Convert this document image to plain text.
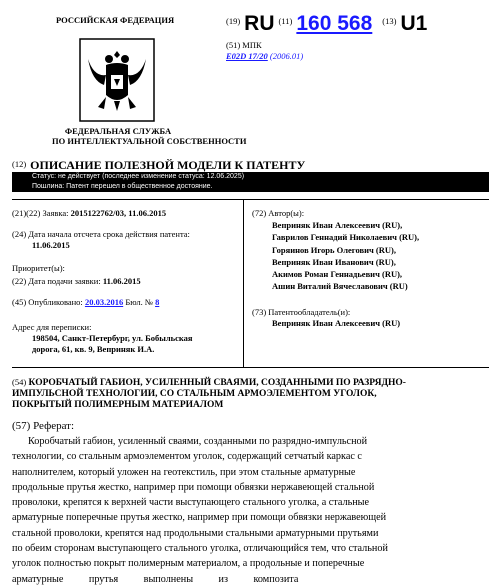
РОССИЙСКАЯ ФЕДЕРАЦИЯ
ФЕДЕРАЛЬНАЯ СЛУЖБА
ПО ИНТЕЛЛЕКТУАЛЬНОЙ СОБСТВЕННОСТИ
$^{(19)}$ RU $^{(11)}$ 160 568 $^{(13)}$ U1
(51) МПК
E02D 17/20 (2006.01)
(12) ОПИСАНИЕ ПОЛЕЗНОЙ МОДЕЛИ К ПАТЕНТУ
Статус: не действует (последнее изменение статуса: 12.06.2025)
Пошлина: Патент перешел в общественное достояние.
(21)(22) Заявка: 2015122762/03, 11.06.2015
(24) Дата начала отсчета срока действия патента:
11.06.2015
Приоритет(ы):
(22) Дата подачи заявки: 11.06.2015
(45) Опубликовано: 20.03.2016 Бюл. № 8
Адрес для переписки:
198504, Санкт-Петербург, ул. Бобыльская
дорога, 61, кв. 9, Веприняк И.А.
(72) Автор(ы):
Веприняк Иван Алексеевич (RU),
Гаврилов Геннадий Николаевич (RU),
Горяинов Игорь Олегович (RU),
Веприняк Иван Иванович (RU),
Акимов Роман Геннадьевич (RU),
Ашин Виталий Вячеславович (RU)
(73) Патентообладатель(и):
Веприняк Иван Алексеевич (RU)
(54) КОРОБЧАТЫЙ ГАБИОН, УСИЛЕННЫЙ СВАЯМИ, СОЗДАННЫМИ ПО РАЗРЯДНО-
ИМПУЛЬСНОЙ ТЕХНОЛОГИИ, СО СТАЛЬНЫМ АРМОЭЛЕМЕНТОМ УГОЛОК,
ПОКРЫТЫЙ ПОЛИМЕРНЫМ МАТЕРИАЛОМ
(57) Реферат:
Коробчатый габион, усиленный сваями, созданными по разрядно-импульсной
технологии, со стальным армоэлементом уголок, содержащий сетчатый каркас с
наполнителем, который уложен на геотекстиль, при этом стальные арматурные
продольные прутья жестко, например при помощи обвязки нержавеющей стальной
проволоки, крепятся к верхней части выступающего стального уголка, а стальные
арматурные поперечные прутья жестко, например при помощи обвязки нержавеющей
стальной проволоки, крепятся над продольными стальными арматурными прутьями
по обеим сторонам выступающего стального уголка, отличающийся тем, что стальной
уголок полностью покрыт полимерным материалом, а продольные и поперечные
арматурные          прутья          выполнены          из          композита
